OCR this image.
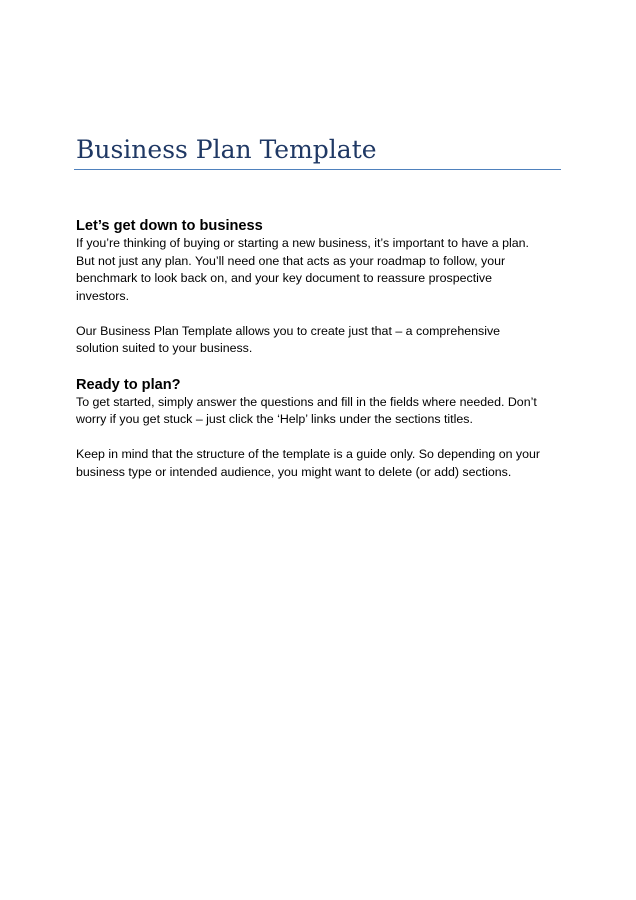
Business Plan Template
Let’s get down to business

If you’re thinking of buying or starting a new business, it’s important to have a plan.
But not just any plan. You’ll need one that acts as your roadmap to follow, your
benchmark to look back on, and your key document to reassure prospective
investors.

Our Business Plan Template allows you to create just that – a comprehensive
solution suited to your business.

Ready to plan?

To get started, simply answer the questions and fill in the fields where needed. Don’t
worry if you get stuck – just click the ‘Help’ links under the sections titles.

Keep in mind that the structure of the template is a guide only. So depending on your
business type or intended audience, you might want to delete (or add) sections.
